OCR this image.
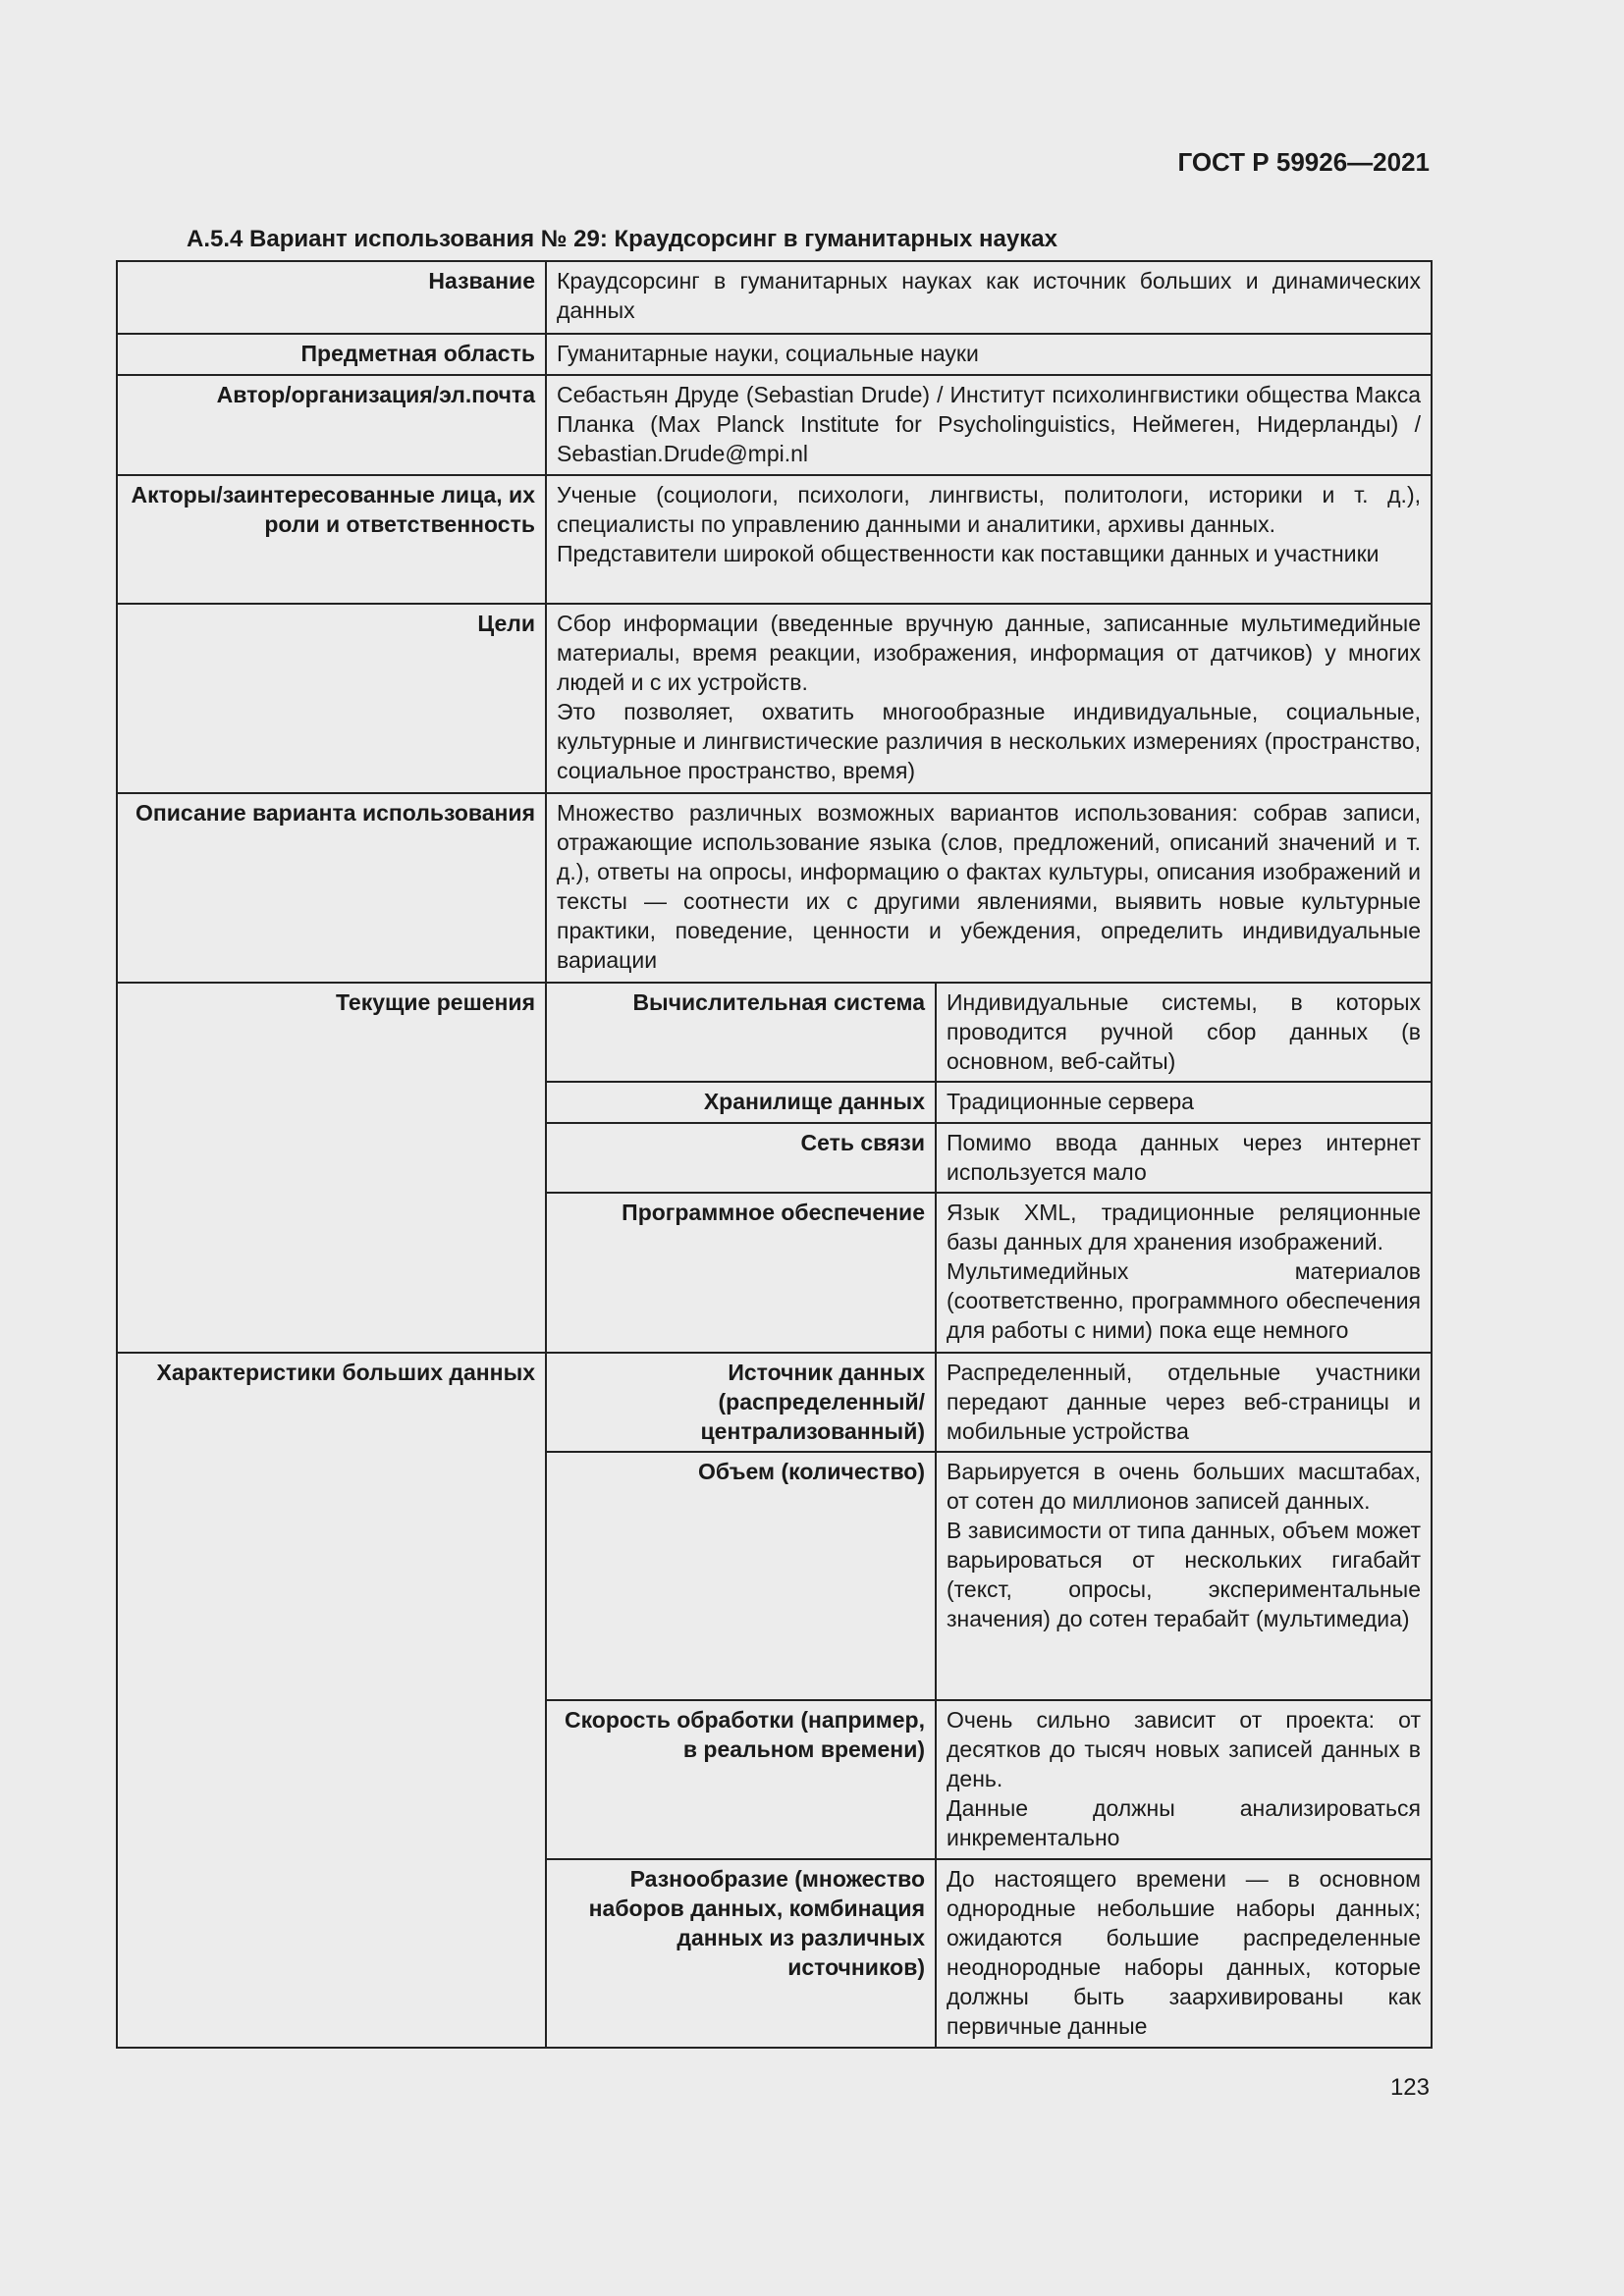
ГОСТ Р 59926—2021

А.5.4 Вариант использования № 29: Краудсорсинг в гуманитарных науках

Название	Краудсорсинг в гуманитарных науках как источник больших и динамических данных	
Предметная область	Гуманитарные науки, социальные науки	
Автор/организация/эл.почта	Себастьян Друде (Sebastian Drude) / Институт психолингвистики общества Макса Планка (Max Planck Institute for Psycholinguistics, Неймеген, Нидерланды) / Sebastian.Drude@mpi.nl	
Акторы/заинтересованные лица, их роли и ответственность	Ученые (социологи, психологи, лингвисты, политологи, историки и т. д.), специалисты по управлению данными и аналитики, архивы данных.
Представители широкой общественности как поставщики данных и участники	

Цели	Сбор информации (введенные вручную данные, записанные мультимедийные материалы, время реакции, изображения, информация от датчиков) у многих людей и с их устройств.
Это позволяет, охватить многообразные индивидуальные, социальные, культурные и лингвистические различия в нескольких измерениях (пространство, социальное пространство, время)	

Описание варианта использования	Множество различных возможных вариантов использования: собрав записи, отражающие использование языка (слов, предложений, описаний значений и т. д.), ответы на опросы, информацию о фактах культуры, описания изображений и тексты — соотнести их с другими явлениями, выявить новые культурные практики, поведение, ценности и убеждения, определить индивидуальные вариации	
Текущие решения	Вычислительная система	Индивидуальные системы, в которых проводится ручной сбор данных (в основном, веб-сайты)

	Хранилище данных	Традиционные сервера

	Сеть связи	Помимо ввода данных через интернет используется мало

	Программное обеспечение	Язык XML, традиционные реляционные базы данных для хранения изображений.
Мультимедийных материалов (соответственно, программного обеспечения для работы с ними) пока еще немного

Характеристики больших данных	Источник данных (распределенный/ централизованный)	Распределенный, отдельные участники передают данные через веб-страницы и мобильные устройства

	Объем (количество)	Варьируется в очень больших масштабах, от сотен до миллионов записей данных.
В зависимости от типа данных, объем может варьироваться от нескольких гигабайт (текст, опросы, экспериментальные значения) до сотен терабайт (мультимедиа)

	Скорость обработки (например, в реальном времени)	Очень сильно зависит от проекта: от десятков до тысяч новых записей данных в день.
Данные должны анализироваться инкрементально

	Разнообразие (множество наборов данных, комбинация данных из различных источников)	До настоящего времени — в основном однородные небольшие наборы данных; ожидаются большие распределенные неоднородные наборы данных, которые должны быть заархивированы как первичные данные

123
